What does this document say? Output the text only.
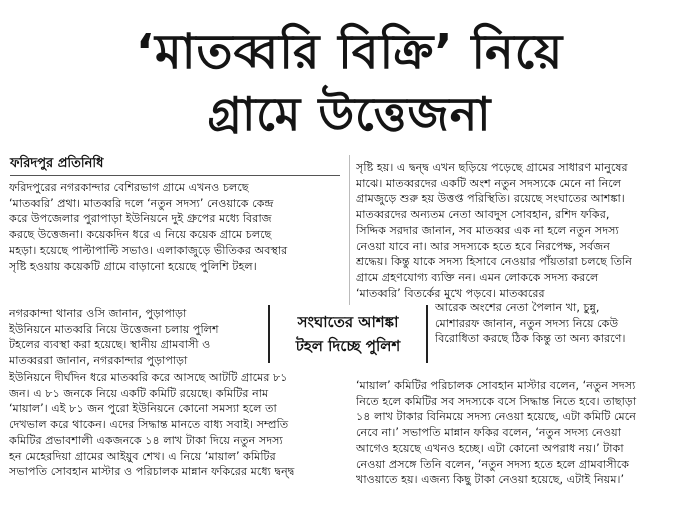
‘মাতব্বরি বিক্রি’ নিয়ে
গ্রামে উত্তেজনা
ফরিদপুর প্রতিনিধি

ফরিদপুরের নগরকান্দার বেশিরভাগ গ্রামে এখনও চলছে

‘মাতব্বরি’ প্রথা। মাতব্বরি দলে ‘নতুন সদস্য’ নেওয়াকে কেন্দ্র

করে উপজেলার পুরাপাড়া ইউনিয়নে দুই গ্রুপের মধ্যে বিরাজ

করছে উত্তেজনা। কয়েকদিন ধরে এ নিয়ে কয়েক গ্রামে চলছে

মহড়া। হয়েছে পাল্টাপাল্টি সভাও। এলাকাজুড়ে ভীতিকর অবস্থার

সৃষ্টি হওয়ায় কয়েকটি গ্রামে বাড়ানো হয়েছে পুলিশি টহল।

নগরকান্দা থানার ওসি জানান, পুড়াপাড়া

ইউনিয়নে মাতব্বরি নিয়ে উত্তেজনা চলায় পুলিশ

টহলের ব্যবস্থা করা হয়েছে। স্থানীয় গ্রামবাসী ও

মাতব্বররা জানান, নগরকান্দার পুড়াপাড়া

ইউনিয়নে দীর্ঘদিন ধরে মাতব্বরি করে আসছে আটটি গ্রামের ৮১

জন। এ ৮১ জনকে নিয়ে একটি কমিটি রয়েছে। কমিটির নাম

‘মায়াল’। এই ৮১ জন পুরো ইউনিয়নে কোনো সমস্যা হলে তা

দেখভাল করে থাকেন। এদের সিদ্ধান্ত মানতে বাধ্য সবাই। সম্প্রতি

কমিটির প্রভাবশালী একজনকে ১৪ লাখ টাকা দিয়ে নতুন সদস্য

হন মেহেরদিয়া গ্রামের আইয়ুব শেখ। এ নিয়ে ‘মায়াল’ কমিটির

সভাপতি সোবহান মাস্টার ও পরিচালক মান্নান ফকিরের মধ্যে দ্বন্দ্ব

সংঘাতের আশঙ্কা
টহল দিচ্ছে পুলিশ

সৃষ্টি হয়। এ দ্বন্দ্ব এখন ছড়িয়ে পড়েছে গ্রামের সাধারণ মানুষের

মাঝে। মাতব্বরদের একটি অংশ নতুন সদস্যকে মেনে না নিলে

গ্রামজুড়ে শুরু হয় উত্তপ্ত পরিস্থিতি। রয়েছে সংঘাতের আশঙ্কা।

মাতব্বরদের অন্যতম নেতা আবদুস সোবহান, রশিদ ফকির,

সিদ্দিক সরদার জানান, সব মাতব্বর এক না হলে নতুন সদস্য

নেওয়া যাবে না। আর সদস্যকে হতে হবে নিরপেক্ষ, সর্বজন

শ্রদ্ধেয়। কিন্তু যাকে সদস্য হিসাবে নেওয়ার পাঁয়তারা চলছে তিনি

গ্রামে গ্রহণযোগ্য ব্যক্তি নন। এমন লোককে সদস্য করলে

‘মাতব্বরি’ বিতর্কের মুখে পড়বে। মাতব্বরের

আরেক অংশের নেতা পৈলান খা, চুন্নু,

মোশাররফ জানান, নতুন সদস্য নিয়ে কেউ

বিরোধিতা করছে ঠিক কিন্তু তা অন্য কারণে।

‘মায়াল’ কমিটির পরিচালক সোবহান মাস্টার বলেন, ‘নতুন সদস্য

নিতে হলে কমিটির সব সদস্যকে বসে সিদ্ধান্ত নিতে হবে। তাছাড়া

১৪ লাখ টাকার বিনিময়ে সদস্য নেওয়া হয়েছে, এটা কমিটি মেনে

নেবে না।’ সভাপতি মান্নান ফকির বলেন, ‘নতুন সদস্য নেওয়া

আগেও হয়েছে এখনও হচ্ছে। এটা কোনো অপরাধ নয়।’ টাকা

নেওয়া প্রসঙ্গে তিনি বলেন, ‘নতুন সদস্য হতে হলে গ্রামবাসীকে

খাওয়াতে হয়। এজন্য কিছু টাকা নেওয়া হয়েছে, এটাই নিয়ম।’
